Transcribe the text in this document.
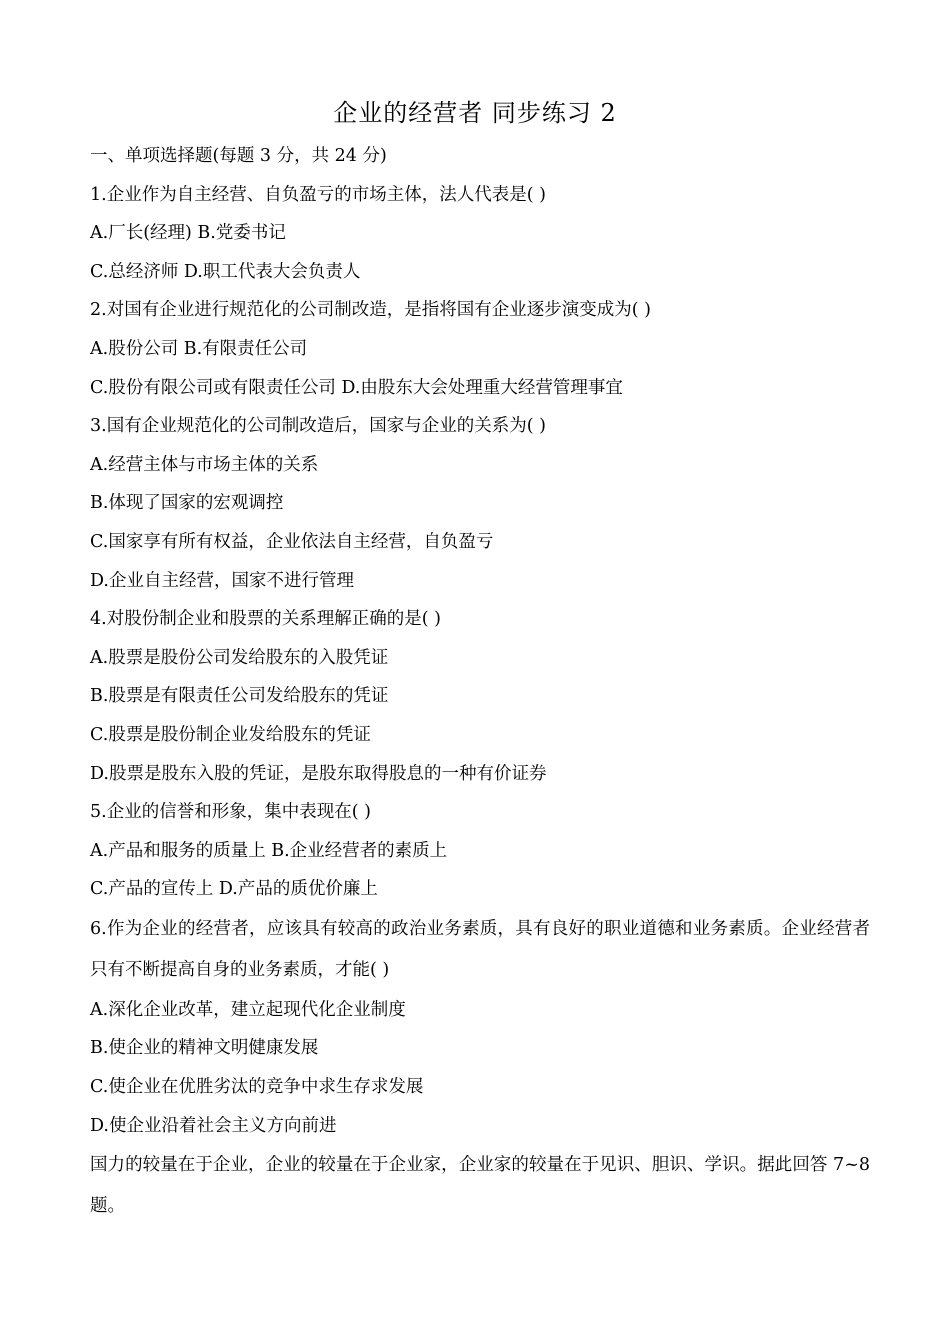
企业的经营者 同步练习 2
一、单项选择题(每题 3 分，共 24 分)
1.企业作为自主经营、自负盈亏的市场主体，法人代表是( )
A.厂长(经理) B.党委书记
C.总经济师 D.职工代表大会负责人
2.对国有企业进行规范化的公司制改造，是指将国有企业逐步演变成为( )
A.股份公司 B.有限责任公司
C.股份有限公司或有限责任公司 D.由股东大会处理重大经营管理事宜
3.国有企业规范化的公司制改造后，国家与企业的关系为( )
A.经营主体与市场主体的关系
B.体现了国家的宏观调控
C.国家享有所有权益，企业依法自主经营，自负盈亏
D.企业自主经营，国家不进行管理
4.对股份制企业和股票的关系理解正确的是( )
A.股票是股份公司发给股东的入股凭证
B.股票是有限责任公司发给股东的凭证
C.股票是股份制企业发给股东的凭证
D.股票是股东入股的凭证，是股东取得股息的一种有价证券
5.企业的信誉和形象，集中表现在( )
A.产品和服务的质量上 B.企业经营者的素质上
C.产品的宣传上 D.产品的质优价廉上
6.作为企业的经营者，应该具有较高的政治业务素质，具有良好的职业道德和业务素质。企业经营者只有不断提高自身的业务素质，才能( )
A.深化企业改革，建立起现代化企业制度
B.使企业的精神文明健康发展
C.使企业在优胜劣汰的竞争中求生存求发展
D.使企业沿着社会主义方向前进
国力的较量在于企业，企业的较量在于企业家，企业家的较量在于见识、胆识、学识。据此回答 7~8 题。
